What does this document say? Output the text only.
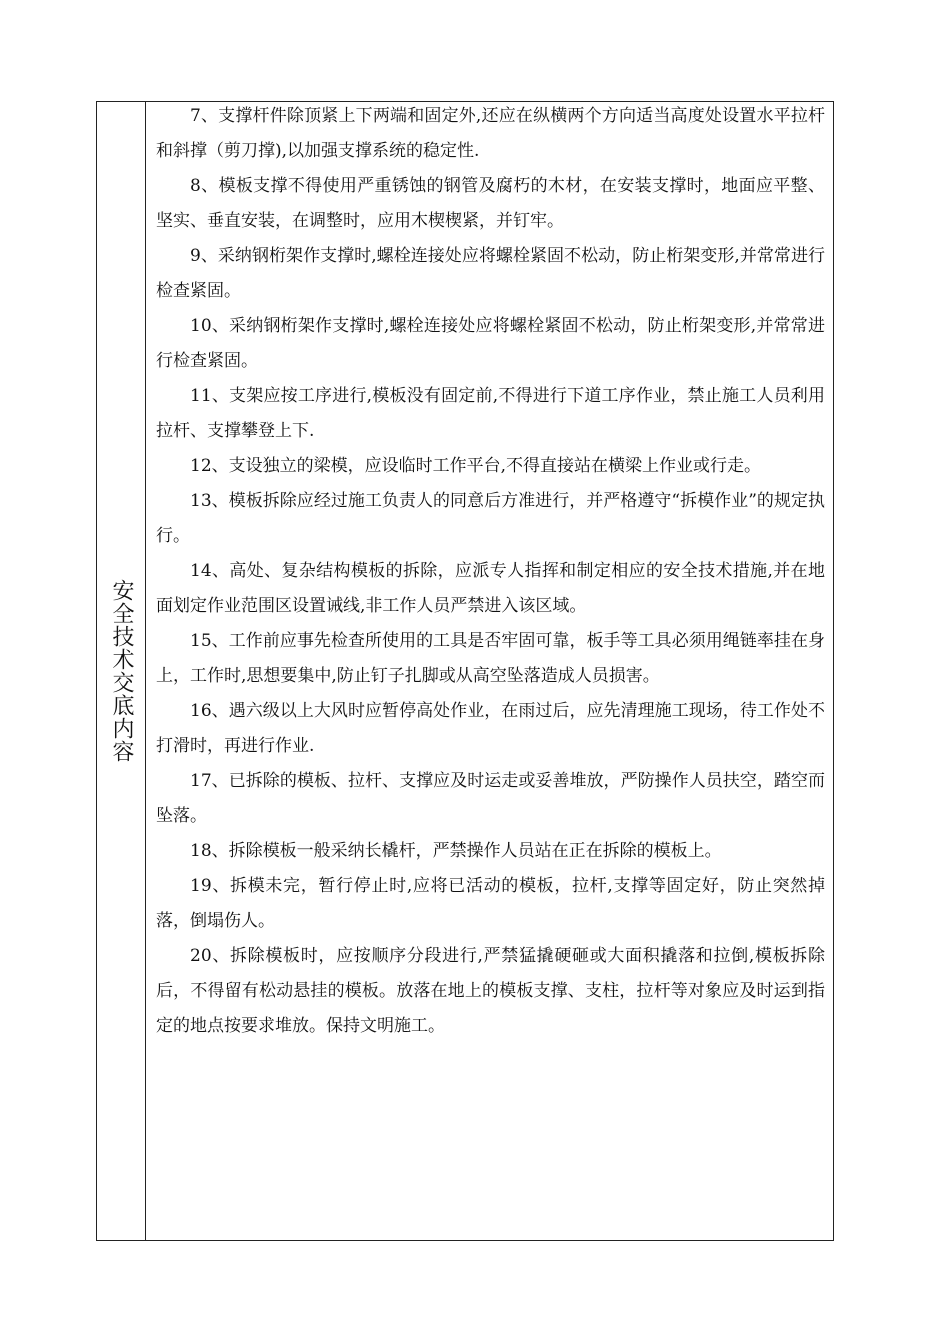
安全技术交底内容

7、支撑杆件除顶紧上下两端和固定外,还应在纵横两个方向适当高度处设置水平拉杆和斜撑（剪刀撑),以加强支撑系统的稳定性.

8、模板支撑不得使用严重锈蚀的钢管及腐朽的木材，在安装支撑时，地面应平整、坚实、垂直安装，在调整时，应用木楔楔紧，并钉牢。

9、采纳钢桁架作支撑时,螺栓连接处应将螺栓紧固不松动，防止桁架变形,并常常进行检查紧固。

10、采纳钢桁架作支撑时,螺栓连接处应将螺栓紧固不松动，防止桁架变形,并常常进行检查紧固。

11、支架应按工序进行,模板没有固定前,不得进行下道工序作业，禁止施工人员利用拉杆、支撑攀登上下.

12、支设独立的梁模，应设临时工作平台,不得直接站在横梁上作业或行走。

13、模板拆除应经过施工负责人的同意后方准进行，并严格遵守“拆模作业”的规定执行。

14、高处、复杂结构模板的拆除，应派专人指挥和制定相应的安全技术措施,并在地面划定作业范围区设置诫线,非工作人员严禁进入该区域。

15、工作前应事先检查所使用的工具是否牢固可靠，板手等工具必须用绳链率挂在身上，工作时,思想要集中,防止钉子扎脚或从高空坠落造成人员损害。

16、遇六级以上大风时应暂停高处作业，在雨过后，应先清理施工现场，待工作处不打滑时，再进行作业.

17、已拆除的模板、拉杆、支撑应及时运走或妥善堆放，严防操作人员扶空，踏空而坠落。

18、拆除模板一般采纳长橇杆，严禁操作人员站在正在拆除的模板上。

19、拆模未完，暂行停止时,应将已活动的模板，拉杆,支撑等固定好，防止突然掉落，倒塌伤人。

20、拆除模板时，应按顺序分段进行,严禁猛撬硬砸或大面积撬落和拉倒,模板拆除后，不得留有松动悬挂的模板。放落在地上的模板支撑、支柱，拉杆等对象应及时运到指定的地点按要求堆放。保持文明施工。
